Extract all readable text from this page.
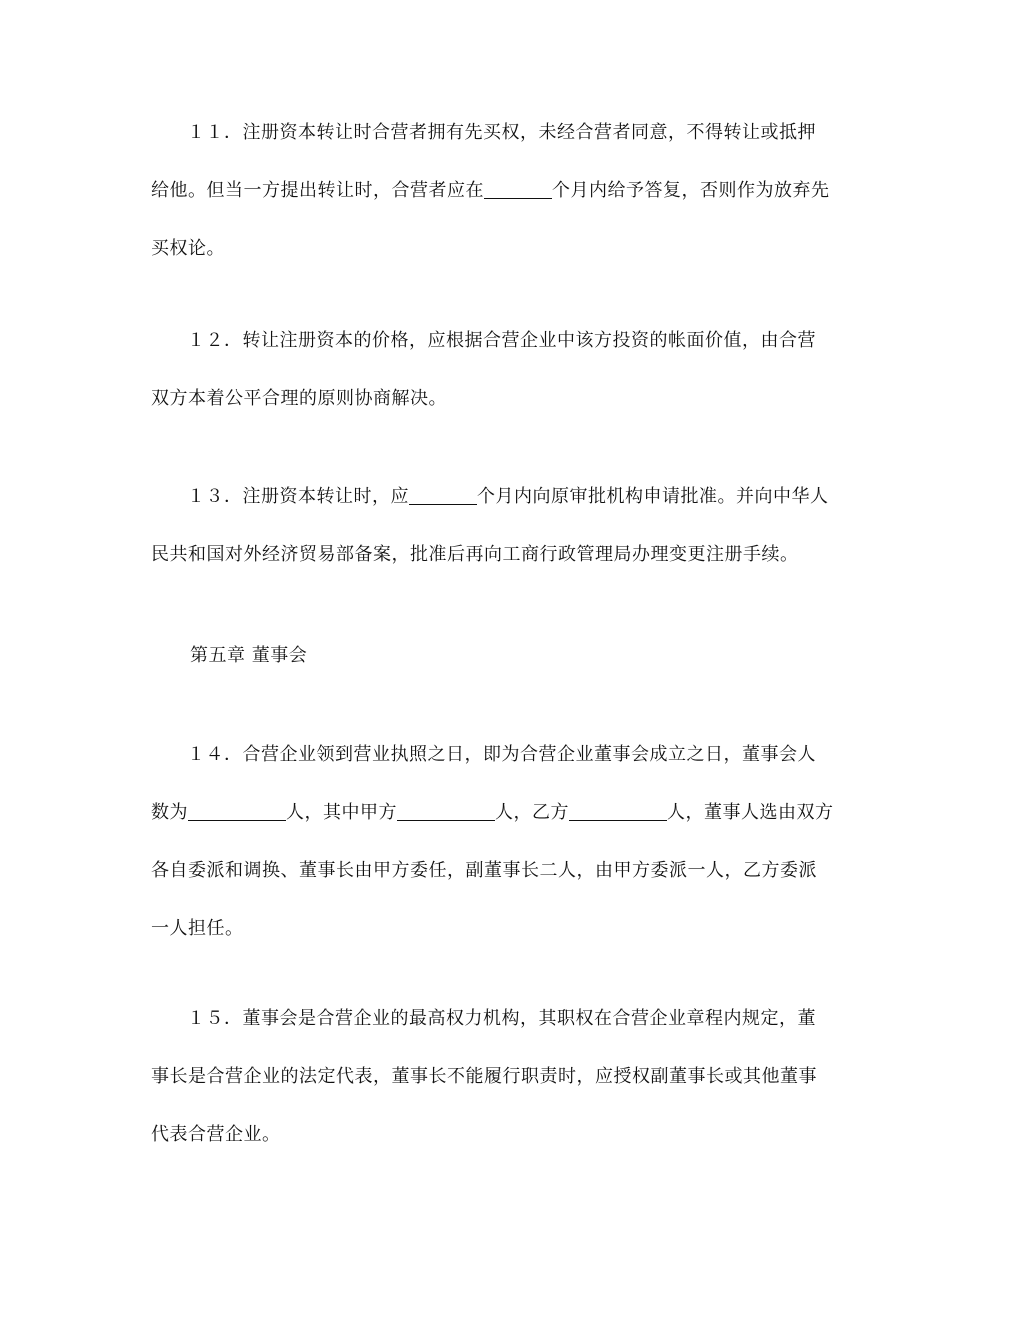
１１．注册资本转让时合营者拥有先买权，未经合营者同意，不得转让或抵押
给他。但当一方提出转让时，合营者应在	个月内给予答复，否则作为放弃先
买权论。
１２．转让注册资本的价格，应根据合营企业中该方投资的帐面价值，由合营
双方本着公平合理的原则协商解决。
１３．注册资本转让时，应	个月内向原审批机构申请批准。并向中华人
民共和国对外经济贸易部备案，批准后再向工商行政管理局办理变更注册手续。

第五章 董事会

１４．合营企业领到营业执照之日，即为合营企业董事会成立之日，董事会人
数为	人，其中甲方	人，乙方	人，董事人选由双方
各自委派和调换、董事长由甲方委任，副董事长二人，由甲方委派一人，乙方委派
一人担任。
１５．董事会是合营企业的最高权力机构，其职权在合营企业章程内规定，董
事长是合营企业的法定代表，董事长不能履行职责时，应授权副董事长或其他董事
代表合营企业。
